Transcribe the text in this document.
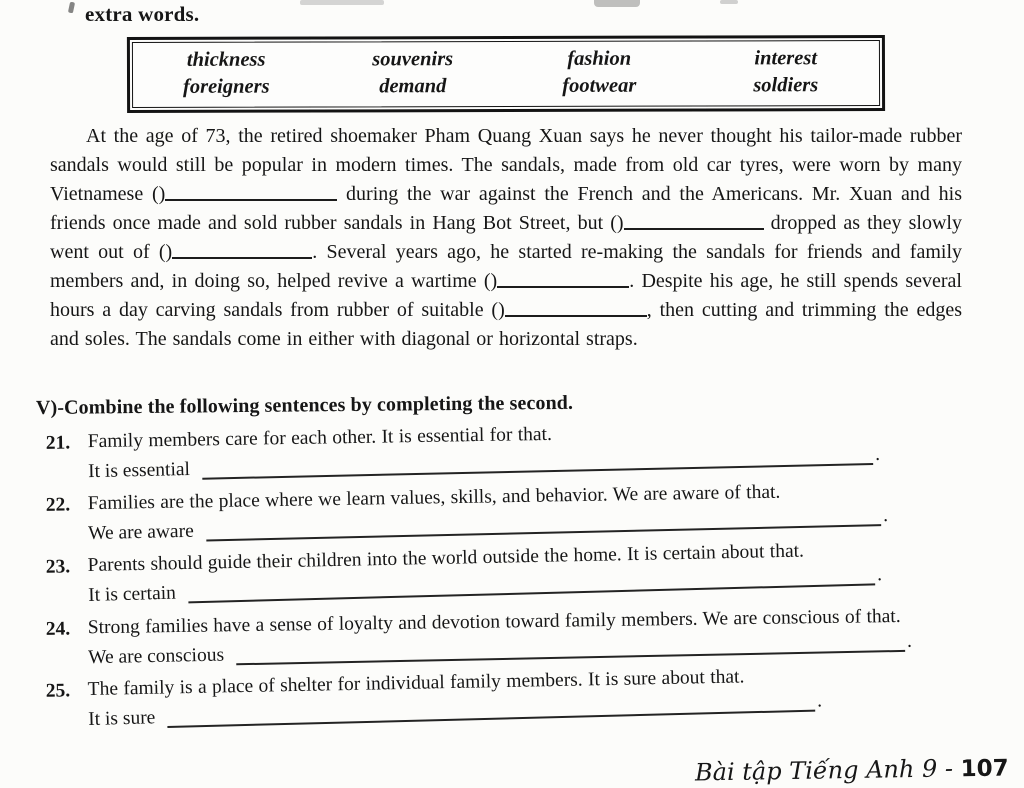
extra words.
thickness	souvenirs	fashion	interest
foreigners	demand	footwear	soldiers
At the age of 73, the retired shoemaker Pham Quang Xuan says he never thought his tailor-made rubber sandals would still be popular in modern times. The sandals, made from old car tyres, were worn by many Vietnamese ()	during the war against the French and the Americans. Mr. Xuan and his friends once made and sold rubber sandals in Hang Bot Street, but ()	dropped as they slowly went out of ()	. Several years ago, he started re-making the sandals for friends and family members and, in doing so, helped revive a wartime ()	. Despite his age, he still spends several hours a day carving sandals from rubber of suitable ()	, then cutting and trimming the edges and soles. The sandals come in either with diagonal or horizontal straps.
V)-Combine the following sentences by completing the second.
21. Family members care for each other. It is essential for that.
It is essential
.
22. Families are the place where we learn values, skills, and behavior. We are aware of that.
We are aware
.
23. Parents should guide their children into the world outside the home. It is certain about that.
It is certain
.
24. Strong families have a sense of loyalty and devotion toward family members. We are conscious of that.
We are conscious
.
25. The family is a place of shelter for individual family members. It is sure about that.
It is sure
.
Bài tập Tiếng Anh 9 - 107
